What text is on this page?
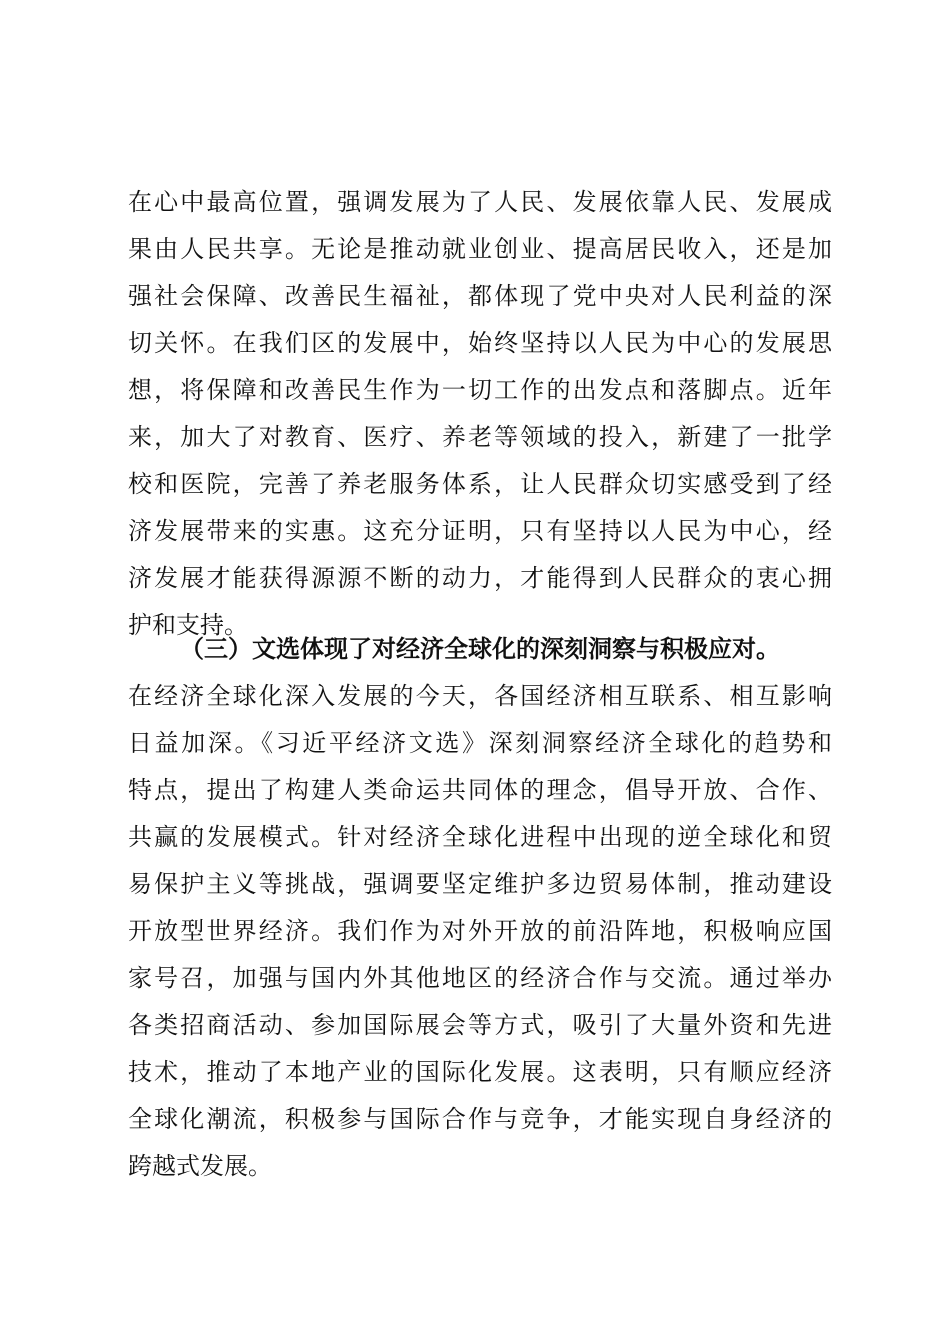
在心中最高位置，强调发展为了人民、发展依靠人民、发展成
果由人民共享。无论是推动就业创业、提高居民收入，还是加
强社会保障、改善民生福祉，都体现了党中央对人民利益的深
切关怀。在我们区的发展中，始终坚持以人民为中心的发展思
想，将保障和改善民生作为一切工作的出发点和落脚点。近年
来，加大了对教育、医疗、养老等领域的投入，新建了一批学
校和医院，完善了养老服务体系，让人民群众切实感受到了经
济发展带来的实惠。这充分证明，只有坚持以人民为中心，经
济发展才能获得源源不断的动力，才能得到人民群众的衷心拥
护和支持。
（三）文选体现了对经济全球化的深刻洞察与积极应对。
在经济全球化深入发展的今天，各国经济相互联系、相互影响
日益加深。《习近平经济文选》深刻洞察经济全球化的趋势和
特点，提出了构建人类命运共同体的理念，倡导开放、合作、
共赢的发展模式。针对经济全球化进程中出现的逆全球化和贸
易保护主义等挑战，强调要坚定维护多边贸易体制，推动建设
开放型世界经济。我们作为对外开放的前沿阵地，积极响应国
家号召，加强与国内外其他地区的经济合作与交流。通过举办
各类招商活动、参加国际展会等方式，吸引了大量外资和先进
技术，推动了本地产业的国际化发展。这表明，只有顺应经济
全球化潮流，积极参与国际合作与竞争，才能实现自身经济的
跨越式发展。
